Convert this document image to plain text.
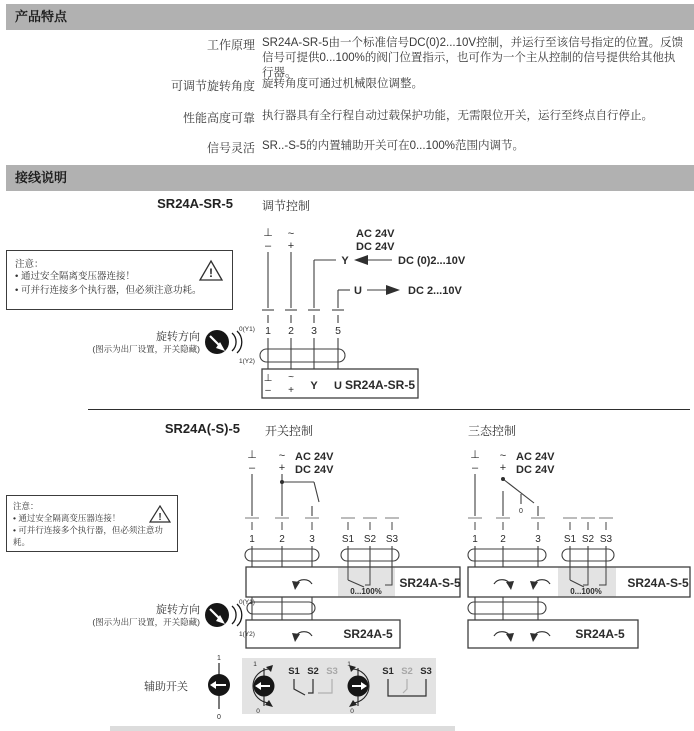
产品特点
工作原理 SR24A-SR-5由一个标准信号DC(0)2...10V控制，并运行至该信号指定的位置。反馈信号可提供0...100%的阀门位置指示，也可作为一个主从控制的信号提供给其他执行器。
可调节旋转角度 旋转角度可通过机械限位调整。
性能高度可靠 执行器具有全行程自动过载保护功能，无需限位开关，运行至终点自行停止。
信号灵活 SR..-S-5的内置辅助开关可在0...100%范围内调节。
接线说明
SR24A-SR-5 调节控制
⊥ ~
– +
AC 24V
DC 24V
Y	DC (0)2...10V
U	DC 2...10V
1 2 3 5
⊥
–
~
+ Y U SR24A-SR-5
注意：
• 通过安全隔离变压器连接！
• 可并行连接多个执行器，但必须注意功耗。
!
旋转方向
(图示为出厂设置，开关隐藏)
0(Y1)
1(Y2)
SR24A(-S)-5 开关控制	三态控制
⊥
–
~
+
AC 24V
DC 24V
1 2 3	S1 S2 S3
0...100%
SR24A-S-5
SR24A-5
⊥
–
~
+
AC 24V
DC 24V
0
1 2	3 S1 S2 S3
0...100%
SR24A-S-5
SR24A-5
注意：
• 通过安全隔离变压器连接！
• 可并行连接多个执行器，但必须注意功耗。
!
旋转方向
(图示为出厂设置，开关隐藏)
0(Y1)
1(Y2)
辅助开关
1
0
1
0
S1 S2 S3
1
0
S1 S2 S3
